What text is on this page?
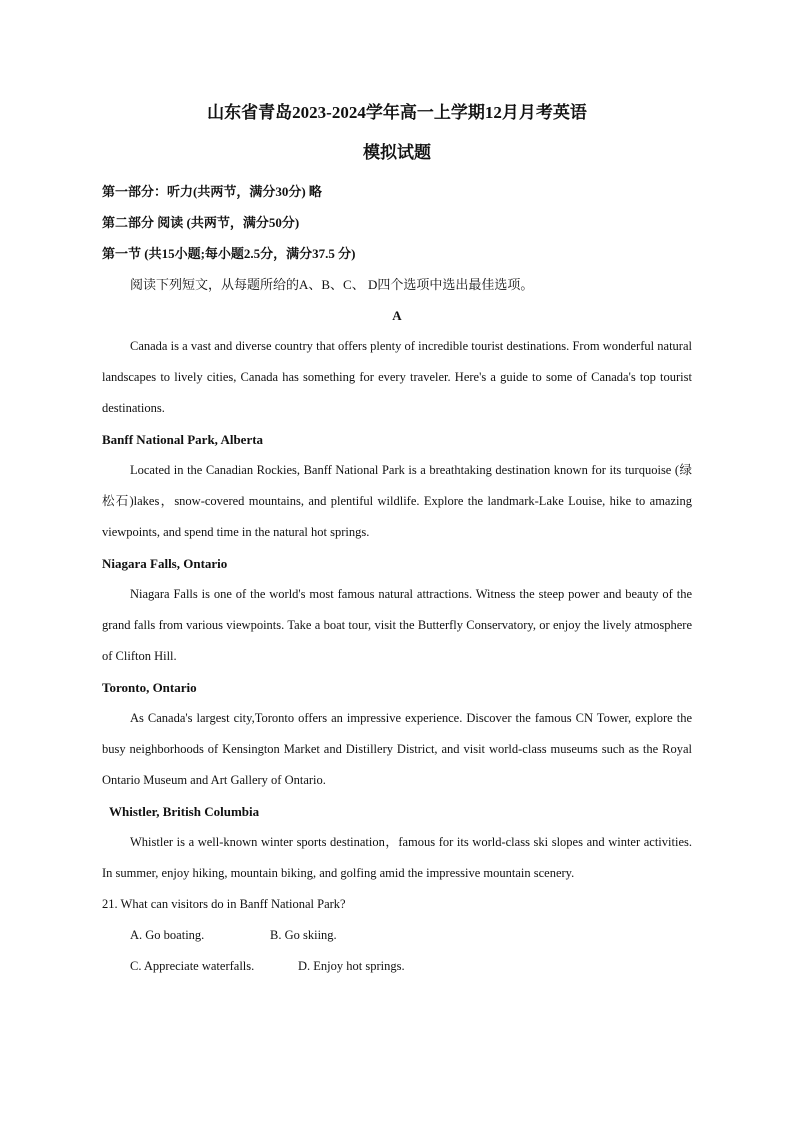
山东省青岛2023-2024学年高一上学期12月月考英语

模拟试题

第一部分：听力(共两节，满分30分) 略

第二部分 阅读 (共两节，满分50分)

第一节 (共15小题;每小题2.5分，满分37.5 分)

阅读下列短文，从每题所给的A、B、C、 D四个选项中选出最佳选项。

A

Canada is a vast and diverse country that offers plenty of incredible tourist destinations. From wonderful natural landscapes to lively cities, Canada has something for every traveler. Here's a guide to some of Canada's top tourist destinations.

Banff National Park, Alberta

Located in the Canadian Rockies, Banff National Park is a breathtaking destination known for its turquoise (绿松石)lakes，snow-covered mountains, and plentiful wildlife. Explore the landmark-Lake Louise, hike to amazing viewpoints, and spend time in the natural hot springs.

Niagara Falls, Ontario

Niagara Falls is one of the world's most famous natural attractions. Witness the steep power and beauty of the grand falls from various viewpoints. Take a boat tour, visit the Butterfly Conservatory, or enjoy the lively atmosphere of Clifton Hill.

Toronto, Ontario

As Canada's largest city,Toronto offers an impressive experience. Discover the famous CN Tower, explore the busy neighborhoods of Kensington Market and Distillery District, and visit world-class museums such as the Royal Ontario Museum and Art Gallery of Ontario.

Whistler, British Columbia

Whistler is a well-known winter sports destination，famous for its world-class ski slopes and winter activities. In summer, enjoy hiking, mountain biking, and golfing amid the impressive mountain scenery.

21. What can visitors do in Banff National Park?

A. Go boating.	B. Go skiing.

C. Appreciate waterfalls.	D. Enjoy hot springs.
